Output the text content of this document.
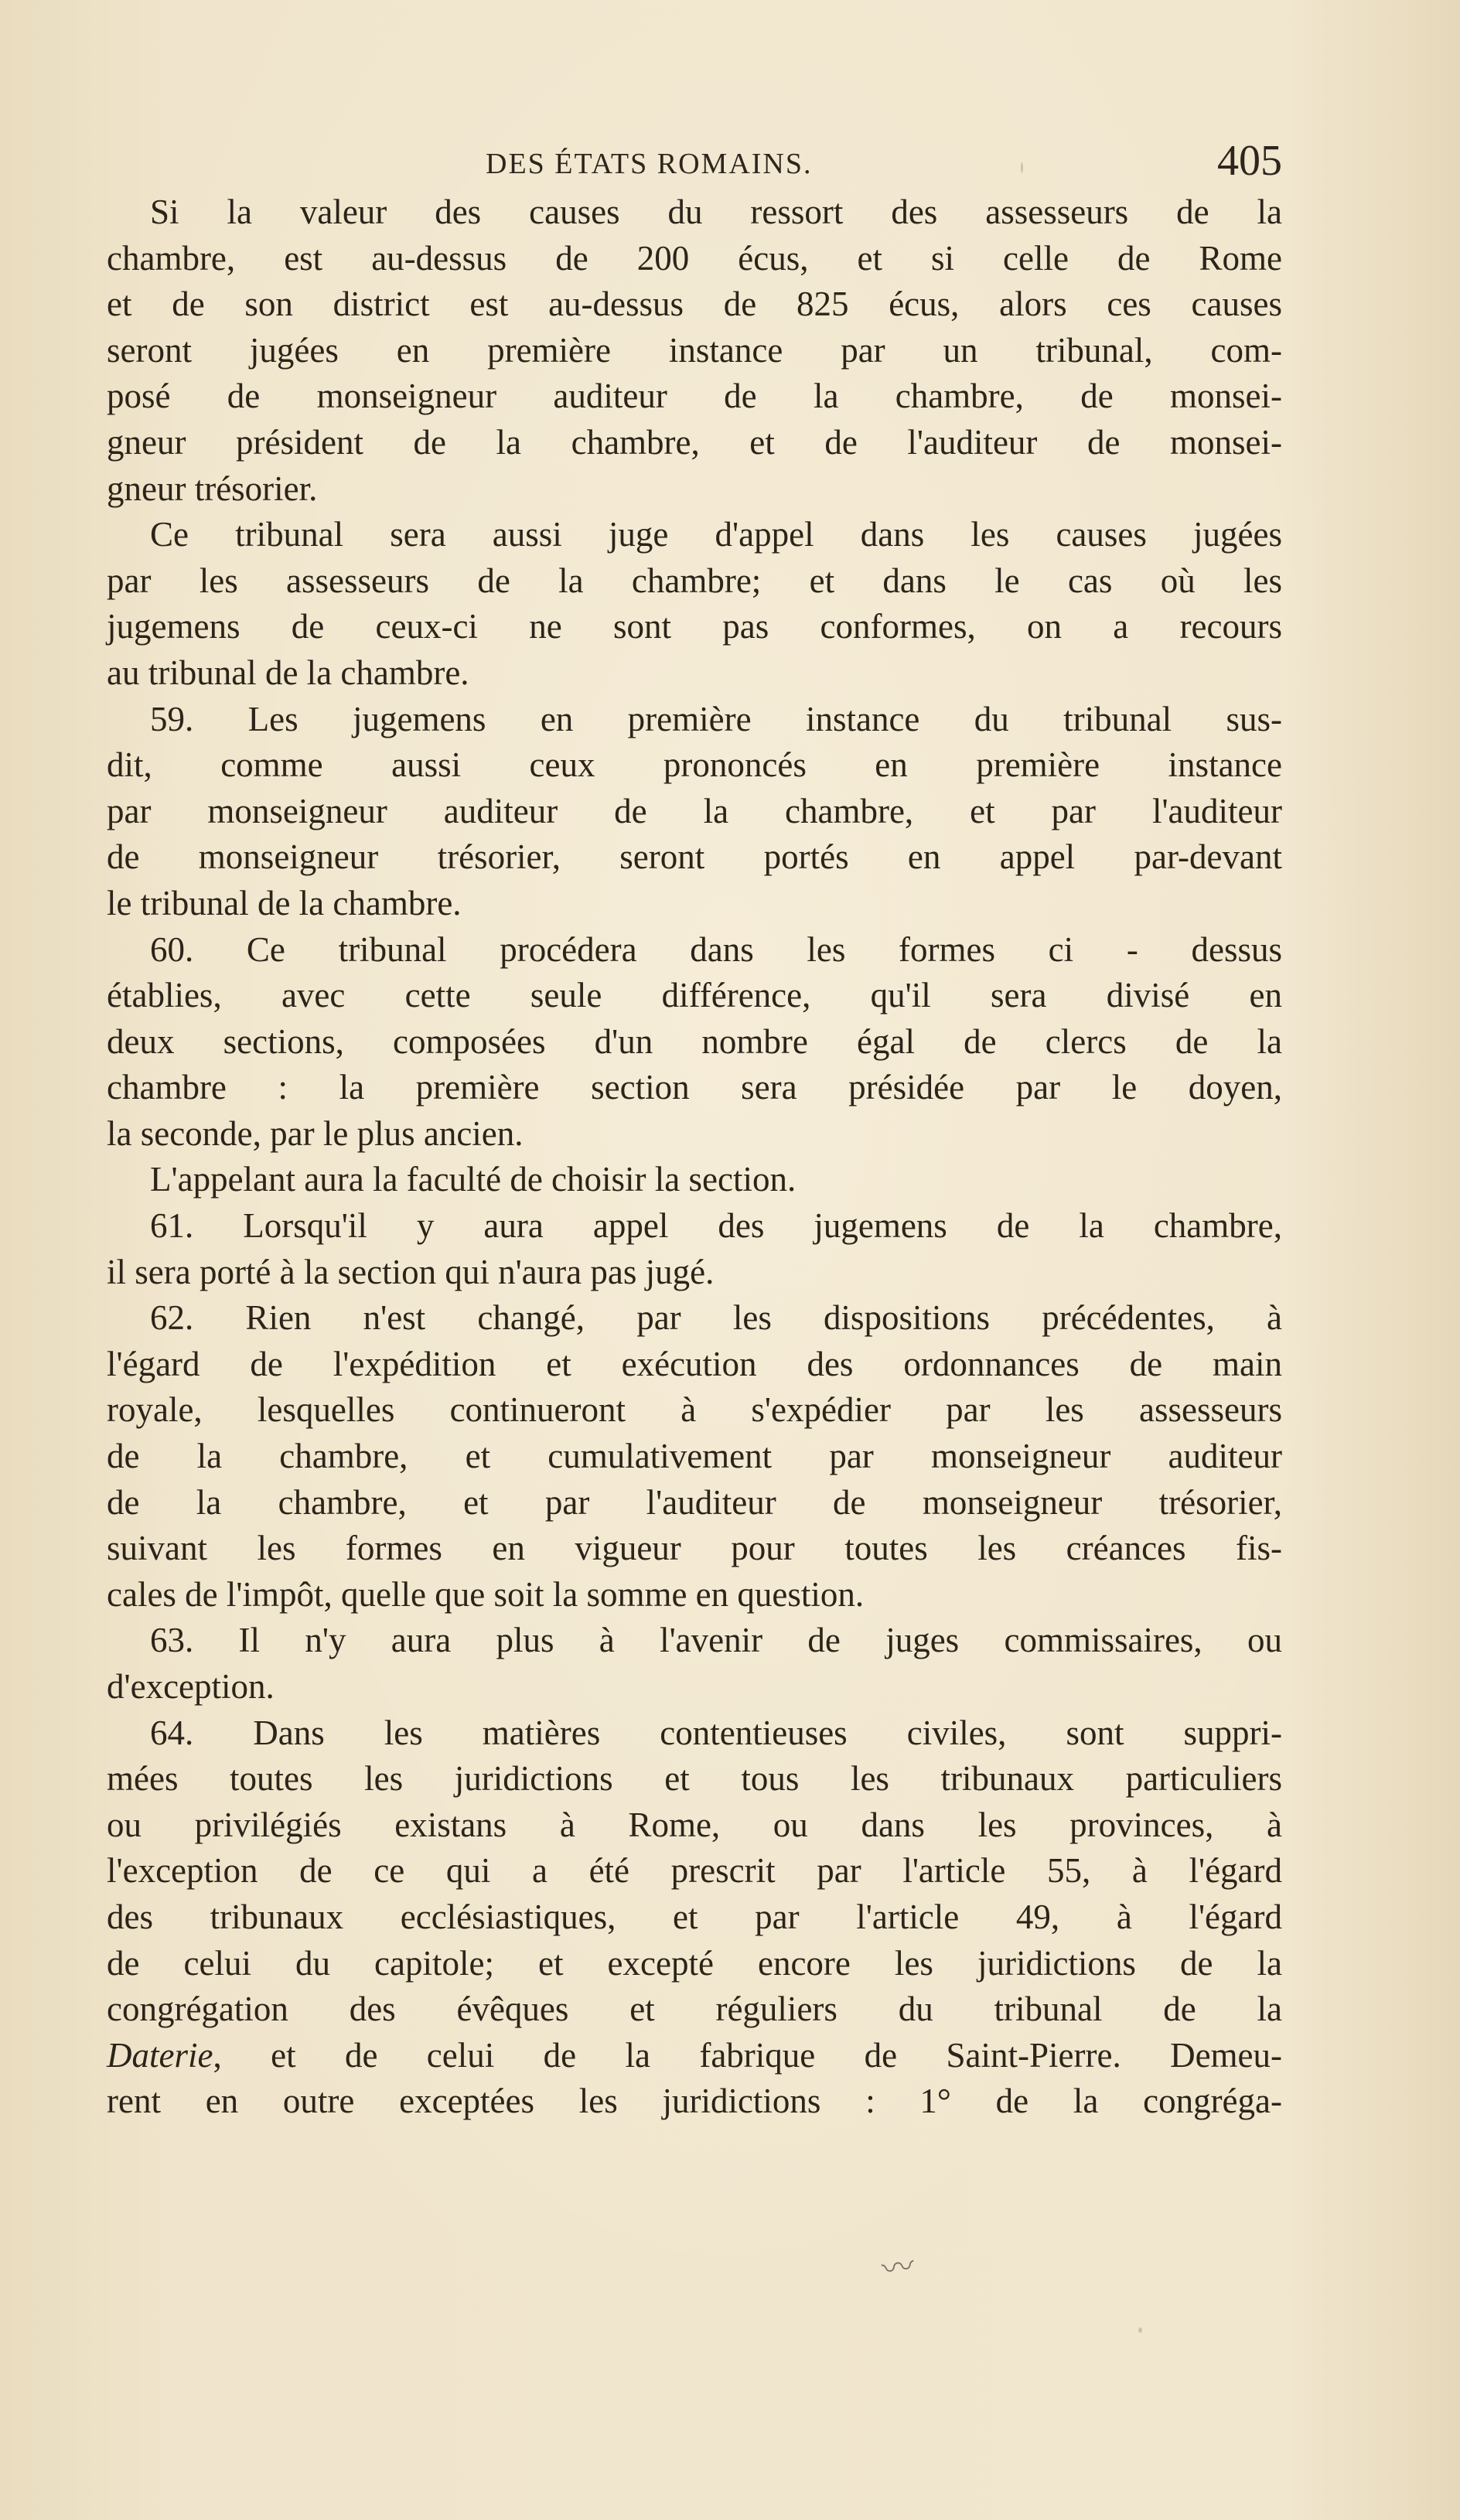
DES ÉTATS ROMAINS.	405
Si la valeur des causes du ressort des assesseurs de la
chambre, est au-dessus de 200 écus, et si celle de Rome
et de son district est au-dessus de 825 écus, alors ces causes
seront jugées en première instance par un tribunal, com-
posé de monseigneur auditeur de la chambre, de monsei-
gneur président de la chambre, et de l'auditeur de monsei-
gneur trésorier.
Ce tribunal sera aussi juge d'appel dans les causes jugées
par les assesseurs de la chambre; et dans le cas où les
jugemens de ceux-ci ne sont pas conformes, on a recours
au tribunal de la chambre.
59. Les jugemens en première instance du tribunal sus-
dit, comme aussi ceux prononcés en première instance
par monseigneur auditeur de la chambre, et par l'auditeur
de monseigneur trésorier, seront portés en appel par-devant
le tribunal de la chambre.
60. Ce tribunal procédera dans les formes ci - dessus
établies, avec cette seule différence, qu'il sera divisé en
deux sections, composées d'un nombre égal de clercs de la
chambre : la première section sera présidée par le doyen,
la seconde, par le plus ancien.
L'appelant aura la faculté de choisir la section.
61. Lorsqu'il y aura appel des jugemens de la chambre,
il sera porté à la section qui n'aura pas jugé.
62. Rien n'est changé, par les dispositions précédentes, à
l'égard de l'expédition et exécution des ordonnances de main
royale, lesquelles continueront à s'expédier par les assesseurs
de la chambre, et cumulativement par monseigneur auditeur
de la chambre, et par l'auditeur de monseigneur trésorier,
suivant les formes en vigueur pour toutes les créances fis-
cales de l'impôt, quelle que soit la somme en question.
63. Il n'y aura plus à l'avenir de juges commissaires, ou
d'exception.
64. Dans les matières contentieuses civiles, sont suppri-
mées toutes les juridictions et tous les tribunaux particuliers
ou privilégiés existans à Rome, ou dans les provinces, à
l'exception de ce qui a été prescrit par l'article 55, à l'égard
des tribunaux ecclésiastiques, et par l'article 49, à l'égard
de celui du capitole; et excepté encore les juridictions de la
congrégation des évêques et réguliers du tribunal de la
Daterie, et de celui de la fabrique de Saint-Pierre. Demeu-
rent en outre exceptées les juridictions : 1° de la congréga-
〰
